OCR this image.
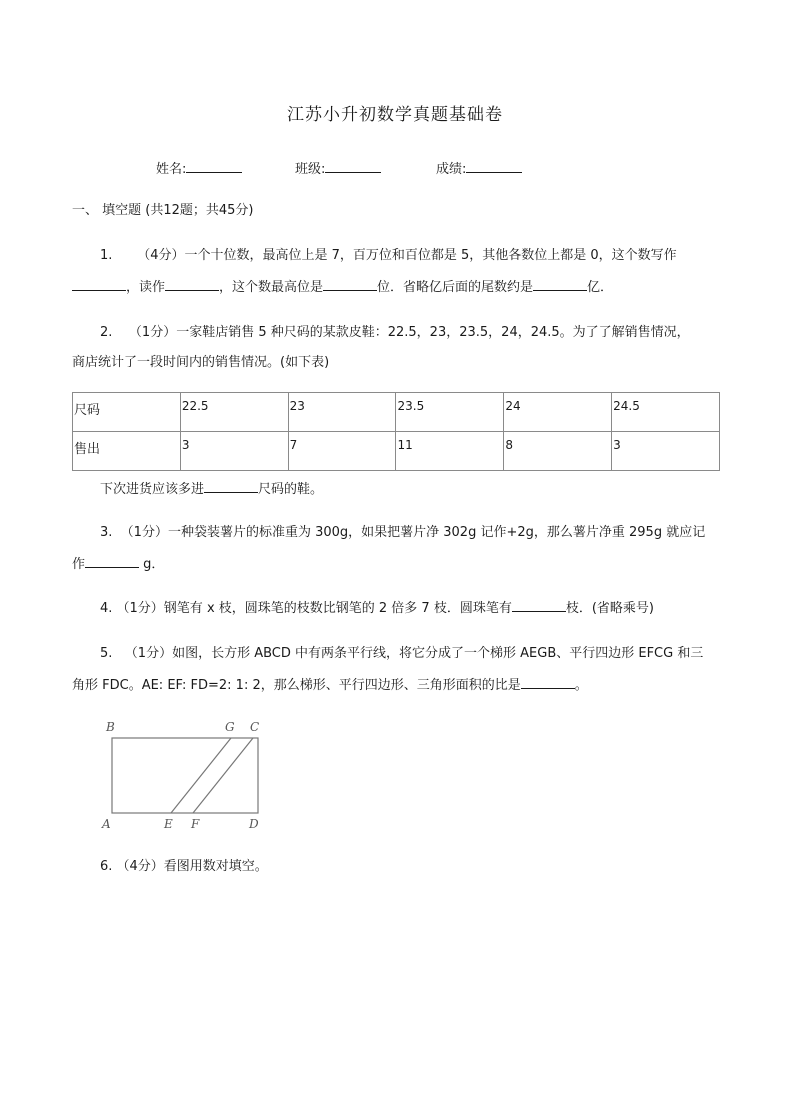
江苏小升初数学真题基础卷
姓名:	班级:	成绩:
一、 填空题 (共12题；共45分)
1.      （4分）一个十位数，最高位上是 7，百万位和百位都是 5，其他各数位上都是 0，这个数写作
，读作	，这个数最高位是	位．省略亿后面的尾数约是	亿．
2.    （1分）一家鞋店销售 5 种尺码的某款皮鞋：22.5，23，23.5，24，24.5。为了了解销售情况，
商店统计了一段时间内的销售情况。(如下表)
尺码	22.5	23	23.5	24	24.5
售出	3	7	11	8	3
下次进货应该多进	尺码的鞋。
3.  （1分）一种袋装薯片的标准重为 300g，如果把薯片净 302g 记作+2g，那么薯片净重 295g 就应记
作	g．
4. （1分）钢笔有 x 枝，圆珠笔的枝数比钢笔的 2 倍多 7 枝．圆珠笔有	枝．(省略乘号)
5.   （1分）如图，长方形 ABCD 中有两条平行线，将它分成了一个梯形 AEGB、平行四边形 EFCG 和三
角形 FDC。AE: EF: FD=2: 1: 2，那么梯形、平行四边形、三角形面积的比是	。
B	G C
A	E F	D
6. （4分）看图用数对填空。
